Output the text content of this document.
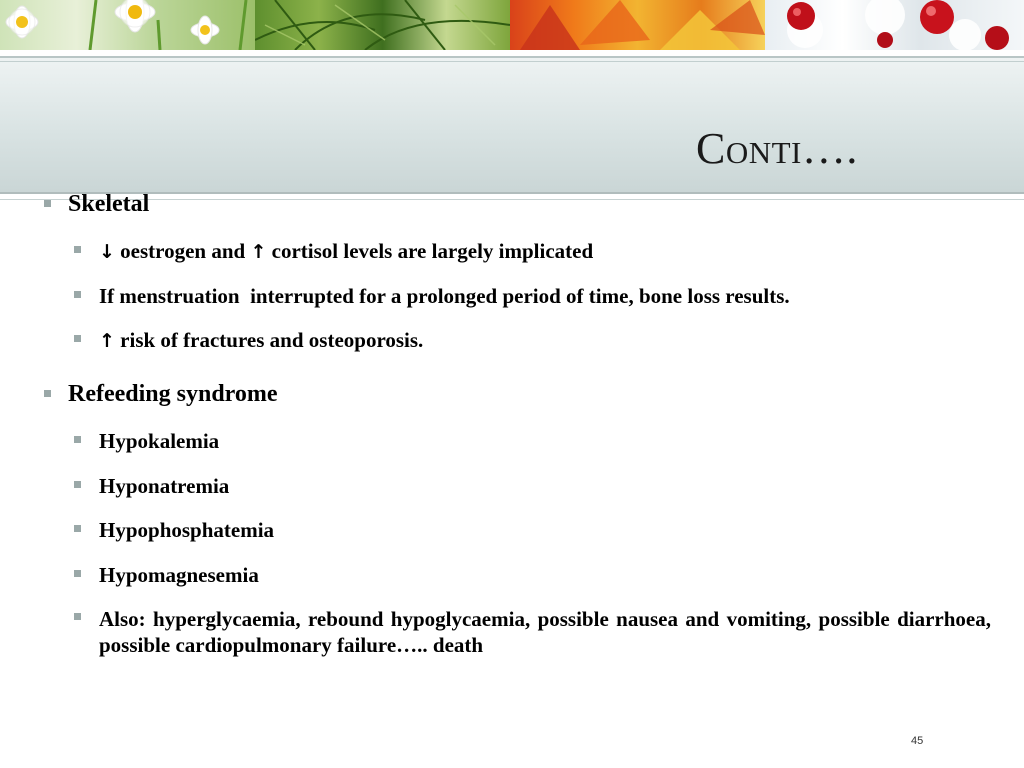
Conti….
Skeletal
↓ oestrogen and ↑ cortisol levels are largely implicated
If menstruation  interrupted for a prolonged period of time, bone loss results.
↑ risk of fractures and osteoporosis.
Refeeding syndrome
Hypokalemia
Hyponatremia
Hypophosphatemia
Hypomagnesemia
Also: hyperglycaemia, rebound hypoglycaemia, possible nausea and vomiting, possible diarrhoea, possible cardiopulmonary failure….. death
45
